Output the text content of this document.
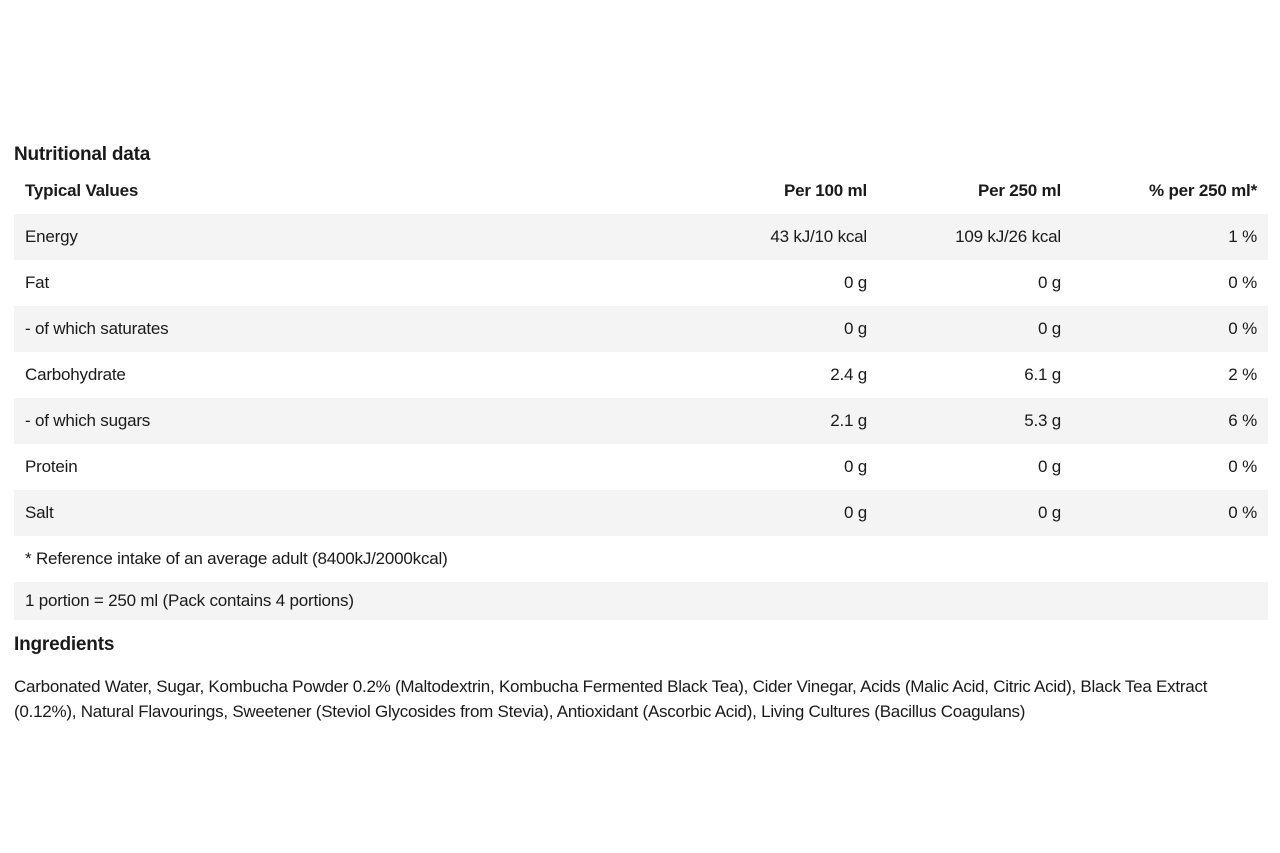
Nutritional data
Typical Values	Per 100 ml	Per 250 ml	% per 250 ml*
Energy	43 kJ/10 kcal	109 kJ/26 kcal	1 %
Fat	0 g	0 g	0 %
- of which saturates	0 g	0 g	0 %
Carbohydrate	2.4 g	6.1 g	2 %
- of which sugars	2.1 g	5.3 g	6 %
Protein	0 g	0 g	0 %
Salt	0 g	0 g	0 %
* Reference intake of an average adult (8400kJ/2000kcal)			
1 portion = 250 ml (Pack contains 4 portions)			
Ingredients

Carbonated Water, Sugar, Kombucha Powder 0.2% (Maltodextrin, Kombucha Fermented Black Tea), Cider Vinegar, Acids (Malic Acid, Citric Acid), Black Tea Extract (0.12%), Natural Flavourings, Sweetener (Steviol Glycosides from Stevia), Antioxidant (Ascorbic Acid), Living Cultures (Bacillus Coagulans)
